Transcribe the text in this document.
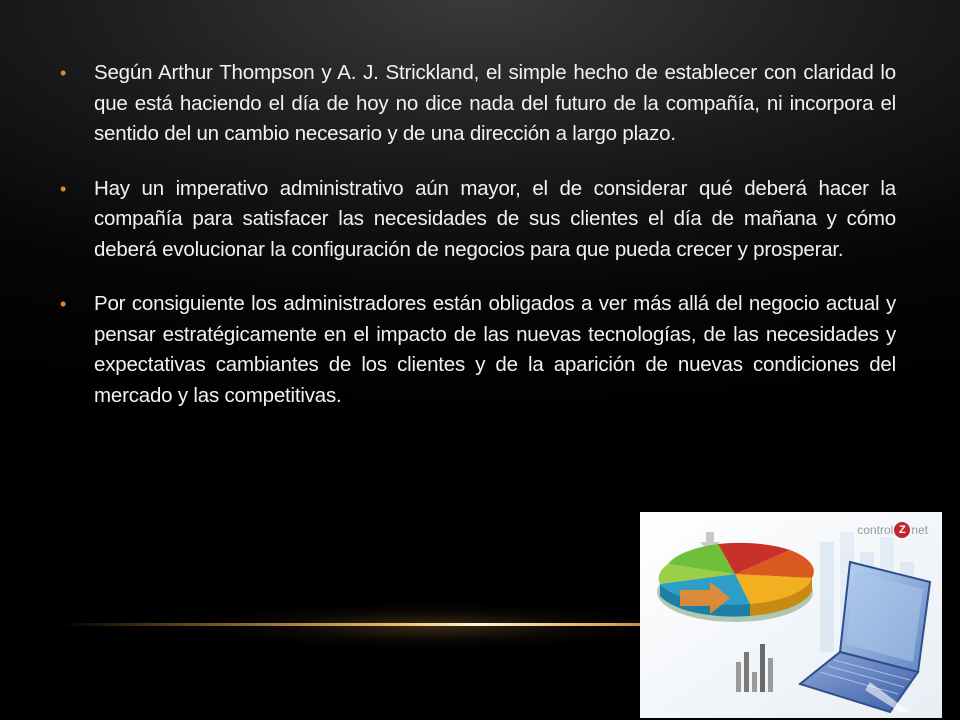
• Según Arthur Thompson y A. J. Strickland, el simple hecho de establecer con claridad lo que está haciendo el día de hoy no dice nada del futuro de la compañía, ni incorpora el sentido del un cambio necesario y de una dirección a largo plazo.
• Hay un imperativo administrativo aún mayor, el de considerar qué deberá hacer la compañía para satisfacer las necesidades de sus clientes el día de mañana y cómo deberá evolucionar la configuración de negocios para que pueda crecer y prosperar.
• Por consiguiente los administradores están obligados a ver más allá del negocio actual y pensar estratégicamente en el impacto de las nuevas tecnologías, de las necesidades y expectativas cambiantes de los clientes y de la aparición de nuevas condiciones del mercado y las competitivas.
control Z net
